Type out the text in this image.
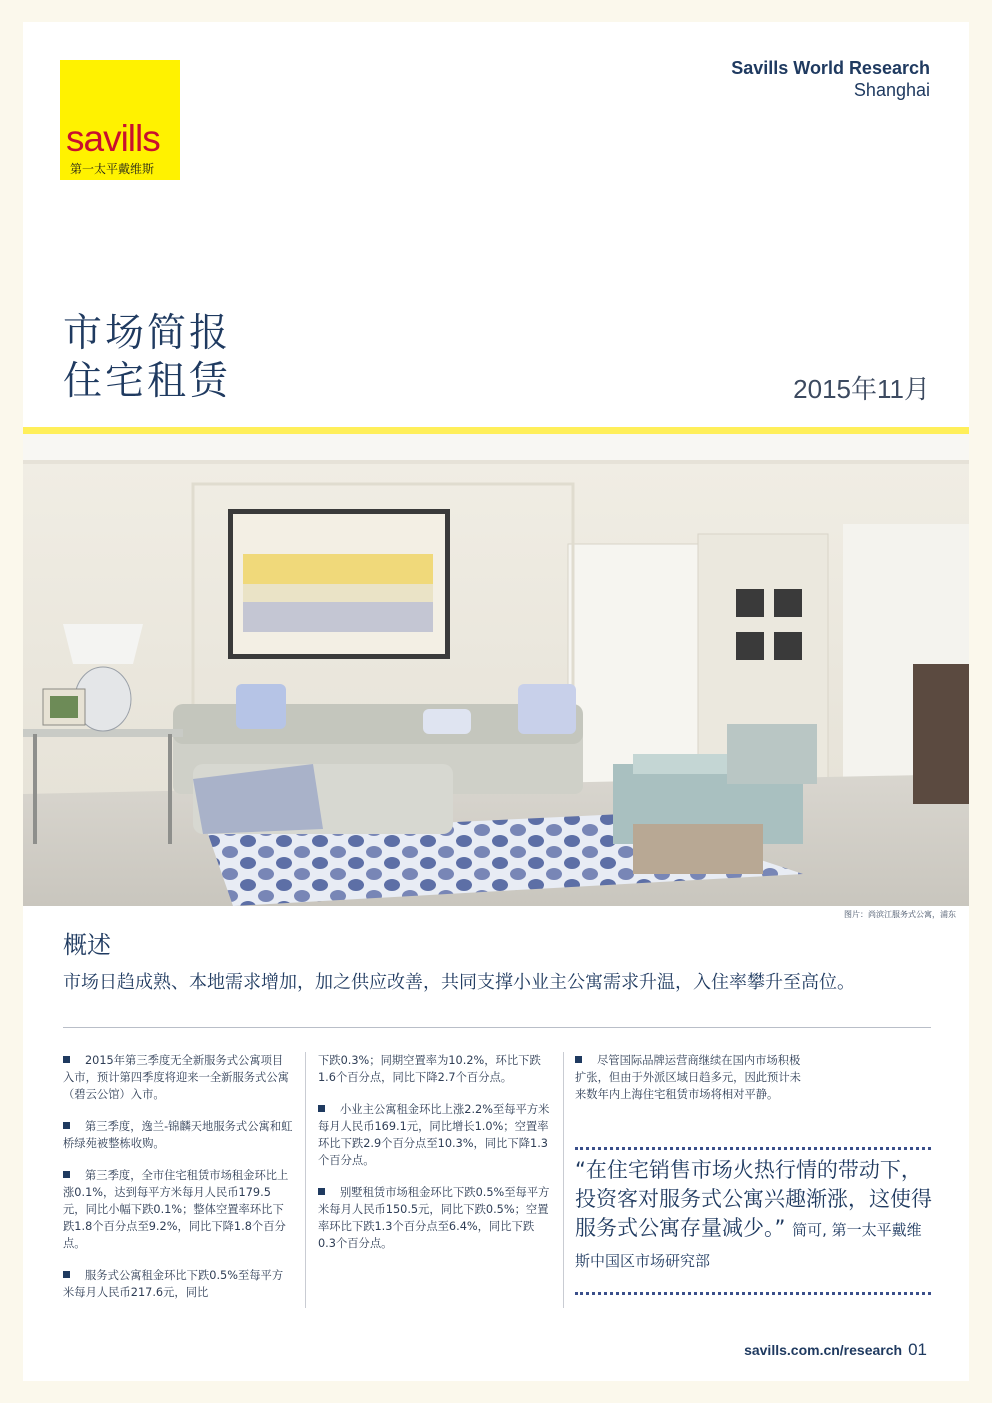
savills
第一太平戴维斯
Savills World Research
Shanghai
市场简报
住宅租赁	2015年11月
图片：尚滨江服务式公寓，浦东
概述
市场日趋成熟、本地需求增加，加之供应改善，共同支撑小业主公寓需求升温，入住率攀升至高位。

2015年第三季度无全新服务式公寓项目入市，预计第四季度将迎来一全新服务式公寓（碧云公馆）入市。

第三季度，逸兰-锦麟天地服务式公寓和虹桥绿苑被整栋收购。

第三季度，全市住宅租赁市场租金环比上涨0.1%，达到每平方米每月人民币179.5元，同比小幅下跌0.1%；整体空置率环比下跌1.8个百分点至9.2%，同比下降1.8个百分点。

服务式公寓租金环比下跌0.5%至每平方米每月人民币217.6元，同比

下跌0.3%；同期空置率为10.2%，环比下跌1.6个百分点，同比下降2.7个百分点。

小业主公寓租金环比上涨2.2%至每平方米每月人民币169.1元，同比增长1.0%；空置率环比下跌2.9个百分点至10.3%，同比下降1.3个百分点。

别墅租赁市场租金环比下跌0.5%至每平方米每月人民币150.5元，同比下跌0.5%；空置率环比下跌1.3个百分点至6.4%，同比下跌0.3个百分点。

尽管国际品牌运营商继续在国内市场积极扩张，但由于外派区域日趋多元，因此预计未来数年内上海住宅租赁市场将相对平静。

“在住宅销售市场火热行情的带动下，投资客对服务式公寓兴趣渐涨，这使得服务式公寓存量减少。” 简可, 第一太平戴维斯中国区市场研究部
savills.com.cn/research 01
